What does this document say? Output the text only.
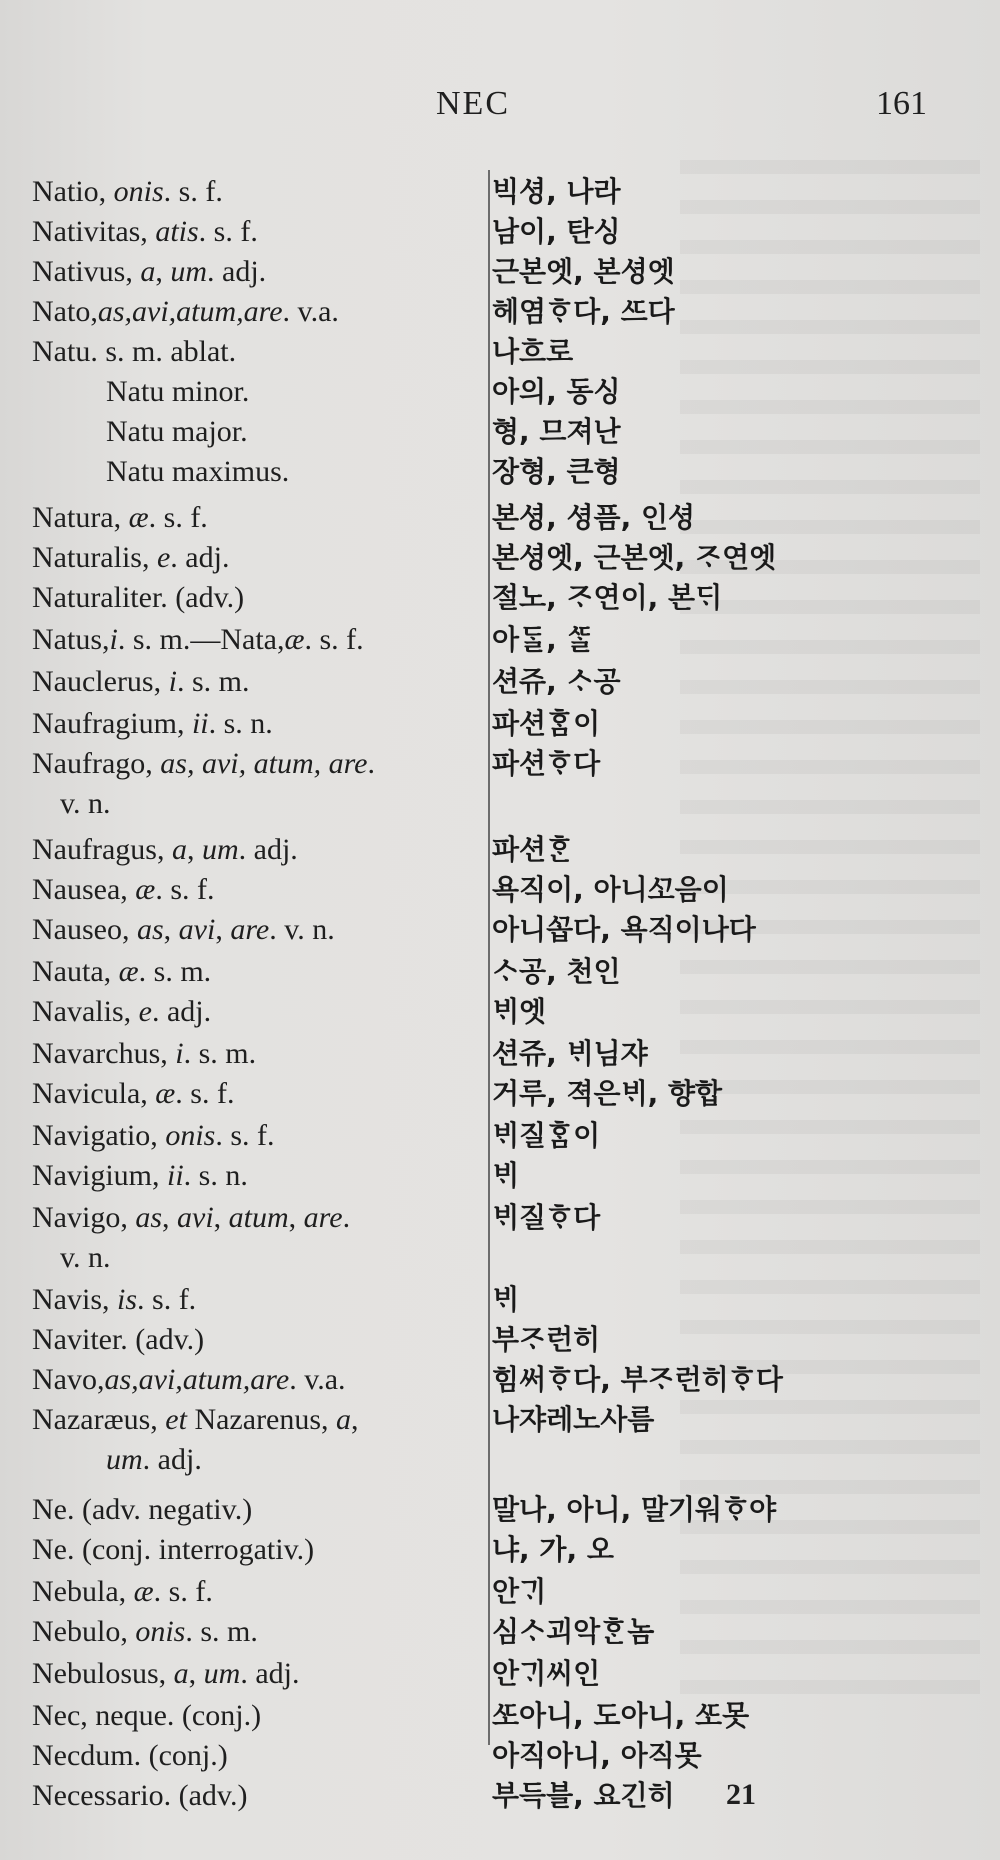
NEC	161
Natio, onis. s. f.	빅셩, 나라
Nativitas, atis. s. f.	남이, 탄싱
Nativus, a, um. adj.	근본엣, 본셩엣
Nato,as,avi,atum,are. v.a.	헤염ᄒᆞ다, ᄯᅳ다
Natu. s. m. ablat.	나흐로
Natu minor.	아의, 동싱
Natu major.	형, 므져난
Natu maximus.	장형, 큰형
Natura, æ. s. f.	본셩, 셩픔, 인셩
Naturalis, e. adj.	본셩엣, 근본엣, ᄌᆞ연엣
Naturaliter. (adv.)	절노, ᄌᆞ연이, 본ᄃᆡ
Natus,i. s. m.—Nata,æ. s. f.	아ᄃᆞᆯ, ᄯᆞᆯ
Nauclerus, i. s. m.	션쥬, ᄉᆞ공
Naufragium, ii. s. n.	파션ᄒᆞᆷ이
Naufrago, as, avi, atum, are.	파션ᄒᆞ다
v. n.
Naufragus, a, um. adj.	파션ᄒᆞᆫ
Nausea, æ. s. f.	욕직이, 아니ᄭᅩ음이
Nauseo, as, avi, are. v. n.	아니ᄭᅩᆸ다, 욕직이나다
Nauta, æ. s. m.	ᄉᆞ공, 천인
Navalis, e. adj.	ᄇᆡ엣
Navarchus, i. s. m.	션쥬, ᄇᆡ님쟈
Navicula, æ. s. f.	거루, 젹은ᄇᆡ, 향합
Navigatio, onis. s. f.	ᄇᆡ질ᄒᆞᆷ이
Navigium, ii. s. n.	ᄇᆡ
Navigo, as, avi, atum, are.	ᄇᆡ질ᄒᆞ다
v. n.
Navis, is. s. f.	ᄇᆡ
Naviter. (adv.)	부ᄌᆞ런히
Navo,as,avi,atum,are. v.a.	힘써ᄒᆞ다, 부ᄌᆞ런히ᄒᆞ다
Nazaræus, et Nazarenus, a,	나쟈레노사름
um. adj.
Ne. (adv. negativ.)	말나, 아니, 말기워ᄒᆞ야
Ne. (conj. interrogativ.)	냐, 가, 오
Nebula, æ. s. f.	안ᄀᆡ
Nebulo, onis. s. m.	심ᄉᆞ괴악ᄒᆞᆫ놈
Nebulosus, a, um. adj.	안ᄀᆡ씨인
Nec, neque. (conj.)	ᄯᅩ아니, 도아니, ᄯᅩ못
Necdum. (conj.)	아직아니, 아직못
Necessario. (adv.)	부득블, 요긴히 21
